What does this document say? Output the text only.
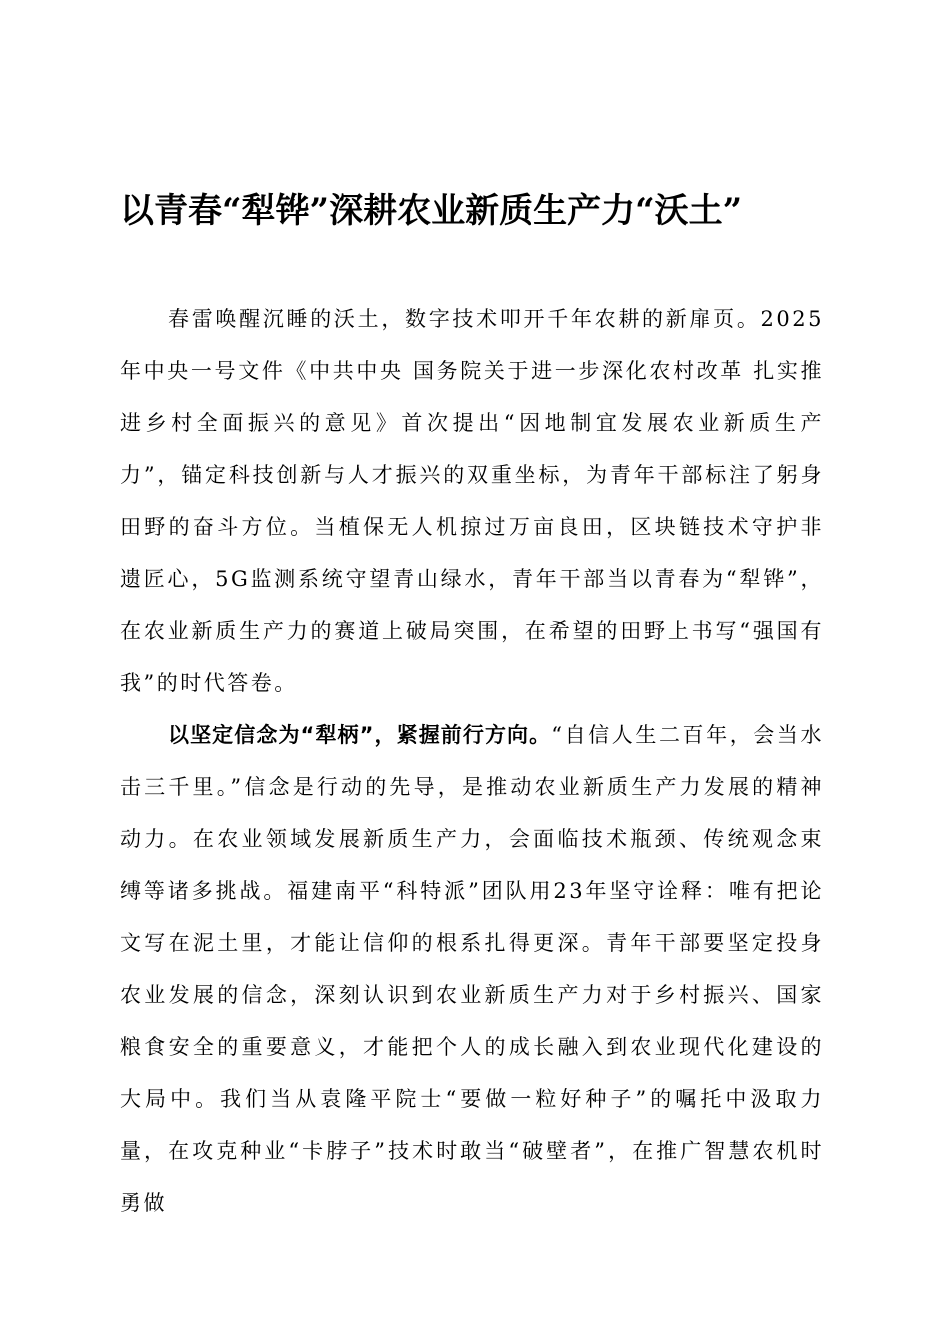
以青春“犁铧”深耕农业新质生产力“沃土”

春雷唤醒沉睡的沃土，数字技术叩开千年农耕的新扉页。2025年中央一号文件《中共中央 国务院关于进一步深化农村改革 扎实推进乡村全面振兴的意见》首次提出“因地制宜发展农业新质生产力”，锚定科技创新与人才振兴的双重坐标，为青年干部标注了躬身田野的奋斗方位。当植保无人机掠过万亩良田，区块链技术守护非遗匠心，5G监测系统守望青山绿水，青年干部当以青春为“犁铧”，在农业新质生产力的赛道上破局突围，在希望的田野上书写“强国有我”的时代答卷。

以坚定信念为“犁柄”，紧握前行方向。“自信人生二百年，会当水击三千里。”信念是行动的先导，是推动农业新质生产力发展的精神动力。在农业领域发展新质生产力，会面临技术瓶颈、传统观念束缚等诸多挑战。福建南平“科特派”团队用23年坚守诠释：唯有把论文写在泥土里，才能让信仰的根系扎得更深。青年干部要坚定投身农业发展的信念，深刻认识到农业新质生产力对于乡村振兴、国家粮食安全的重要意义，才能把个人的成长融入到农业现代化建设的大局中。我们当从袁隆平院士“要做一粒好种子”的嘱托中汲取力量，在攻克种业“卡脖子”技术时敢当“破壁者”，在推广智慧农机时勇做
